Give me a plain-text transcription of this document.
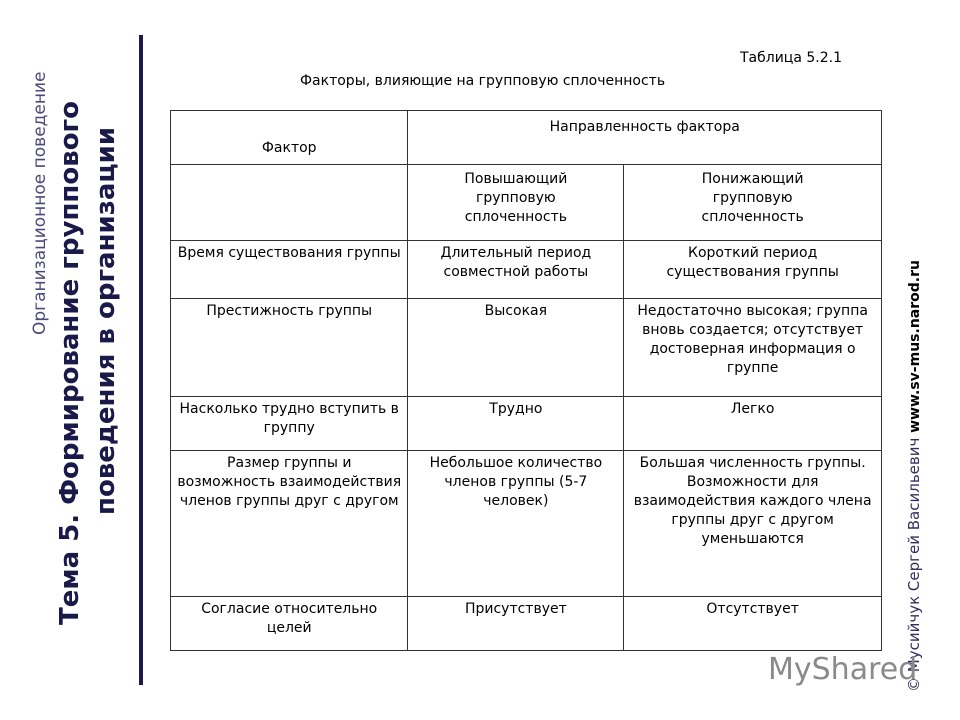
Организационное поведение Тема 5. Формирование группового поведения в организации
Таблица 5.2.1
Факторы, влияющие на групповую сплоченность
Фактор	Направленность фактора	
	Повышающий групповую сплоченность	Понижающий групповую сплоченность
Время существования группы	Длительный период совместной работы	Короткий период существования группы
Престижность группы	Высокая	Недостаточно высокая; группа вновь создается; отсутствует достоверная информация о группе
Насколько трудно вступить в группу	Трудно	Легко
Размер группы и возможность взаимодействия членов группы друг с другом	Небольшое количество членов группы (5-7 человек)	Большая численность группы. Возможности для взаимодействия каждого члена группы друг с другом уменьшаются
Согласие относительно целей	Присутствует	Отсутствует	© Мусийчук Сергей Васильевич www.sv-mus.narod.ru
MyShared
